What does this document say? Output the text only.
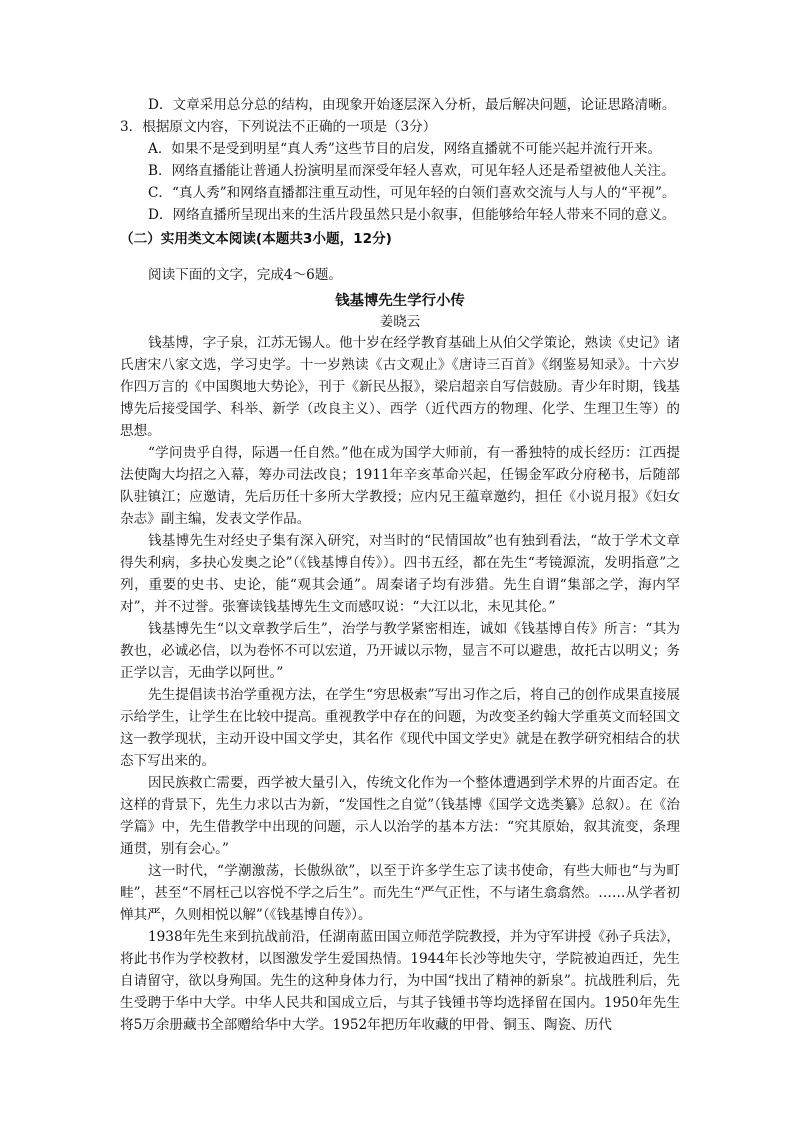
D．文章采用总分总的结构，由现象开始逐层深入分析，最后解决问题，论证思路清晰。
3．根据原文内容，下列说法不正确的一项是（3分）
A．如果不是受到明星“真人秀”这些节目的启发，网络直播就不可能兴起并流行开来。
B．网络直播能让普通人扮演明星而深受年轻人喜欢，可见年轻人还是希望被他人关注。
C．“真人秀”和网络直播都注重互动性，可见年轻的白领们喜欢交流与人与人的“平视”。
D．网络直播所呈现出来的生活片段虽然只是小叙事，但能够给年轻人带来不同的意义。
（二）实用类文本阅读(本题共3小题，12分)
阅读下面的文字，完成4～6题。
钱基博先生学行小传
姜晓云

钱基博，字子泉，江苏无锡人。他十岁在经学教育基础上从伯父学策论，熟读《史记》诸氏唐宋八家文选，学习史学。十一岁熟读《古文观止》《唐诗三百首》《纲鉴易知录》。十六岁作四万言的《中国舆地大势论》，刊于《新民丛报》，梁启超亲自写信鼓励。青少年时期，钱基博先后接受国学、科举、新学（改良主义）、西学（近代西方的物理、化学、生理卫生等）的思想。

“学问贵乎自得，际遇一任自然。”他在成为国学大师前，有一番独特的成长经历：江西提法使陶大均招之入幕，筹办司法改良；1911年辛亥革命兴起，任锡金军政分府秘书，后随部队驻镇江；应邀请，先后历任十多所大学教授；应内兄王蕴章邀约，担任《小说月报》《妇女杂志》副主编，发表文学作品。

钱基博先生对经史子集有深入研究，对当时的“民情国故”也有独到看法，“故于学术文章得失利病，多抉心发奥之论”（《钱基博自传》）。四书五经，都在先生“考镜源流，发明指意”之列，重要的史书、史论，能“观其会通”。周秦诸子均有涉猎。先生自谓“集部之学，海内罕对”，并不过誉。张謇读钱基博先生文而感叹说：“大江以北，未见其伦。”

钱基博先生“以文章教学后生”，治学与教学紧密相连，诚如《钱基博自传》所言：“其为教也，必诚必信，以为卷怀不可以宏道，乃开诚以示物，显言不可以避患，故托古以明义；务正学以言，无曲学以阿世。”

先生提倡读书治学重视方法，在学生“穷思极索”写出习作之后，将自己的创作成果直接展示给学生，让学生在比较中提高。重视教学中存在的问题，为改变圣约翰大学重英文而轻国文这一教学现状，主动开设中国文学史，其名作《现代中国文学史》就是在教学研究相结合的状态下写出来的。

因民族救亡需要，西学被大量引入，传统文化作为一个整体遭遇到学术界的片面否定。在这样的背景下，先生力求以古为新，“发国性之自觉”（钱基博《国学文选类纂》总叙）。在《治学篇》中，先生借教学中出现的问题，示人以治学的基本方法：“究其原始，叙其流变，条理通贯，别有会心。”

这一时代，“学潮激荡，长傲纵欲”，以至于许多学生忘了读书使命，有些大师也“与为町畦”，甚至“不屑枉己以容悦不学之后生”。而先生“严气正性，不与诸生翕翕然。……从学者初惮其严，久则相悦以解”（《钱基博自传》）。

1938年先生来到抗战前沿，任湖南蓝田国立师范学院教授，并为守军讲授《孙子兵法》，将此书作为学校教材，以图激发学生爱国热情。1944年长沙等地失守，学院被迫西迁，先生自请留守，欲以身殉国。先生的这种身体力行，为中国“找出了精神的新泉”。抗战胜利后，先生受聘于华中大学。中华人民共和国成立后，与其子钱锺书等均选择留在国内。1950年先生将5万余册藏书全部赠给华中大学。1952年把历年收藏的甲骨、铜玉、陶瓷、历代
